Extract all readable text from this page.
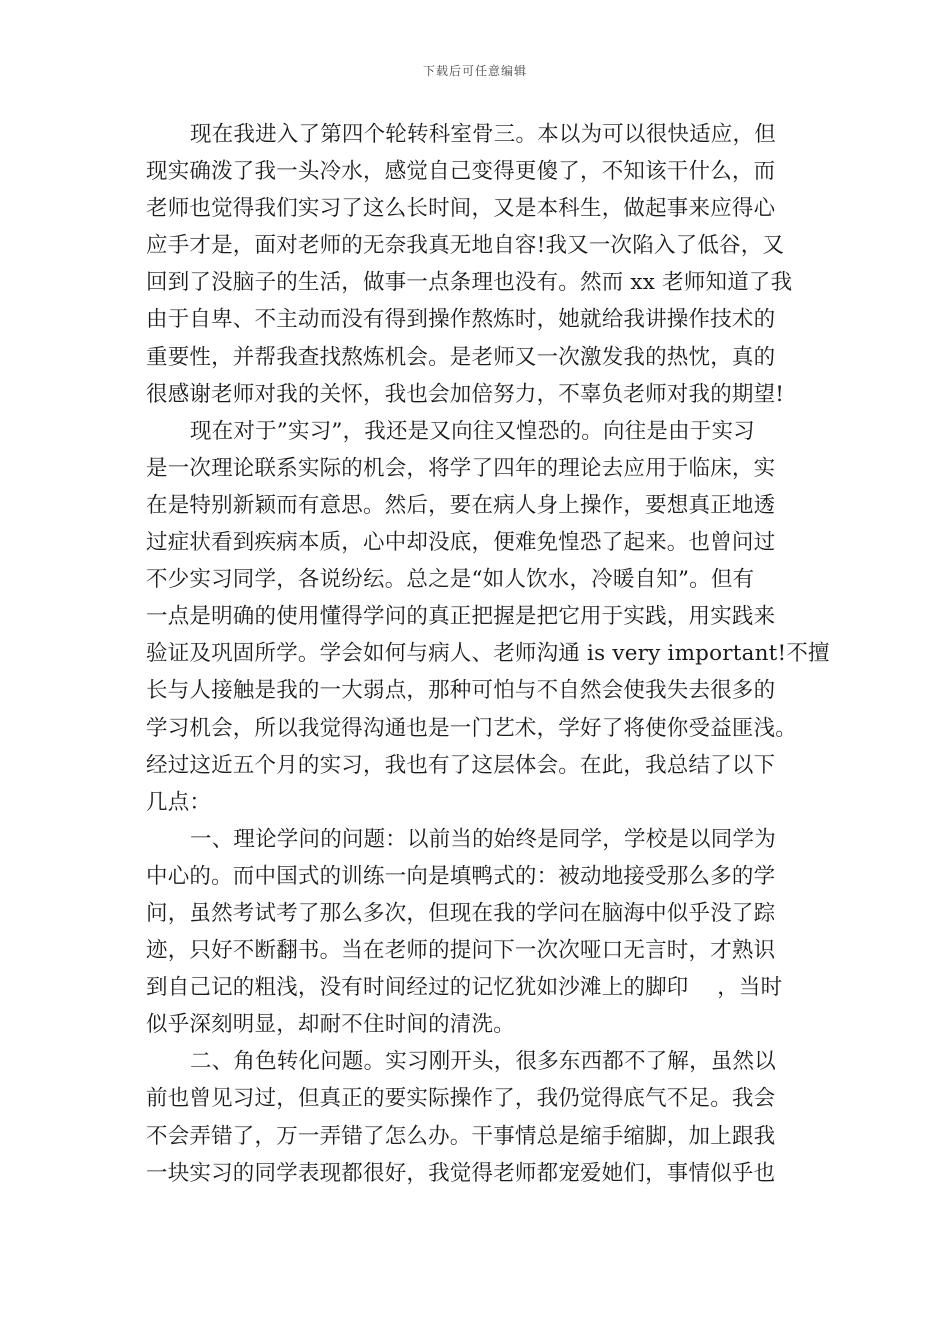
下载后可任意编辑
现在我进入了第四个轮转科室骨三。本以为可以很快适应，但
现实确泼了我一头冷水，感觉自己变得更傻了，不知该干什么，而
老师也觉得我们实习了这么长时间，又是本科生，做起事来应得心
应手才是，面对老师的无奈我真无地自容!我又一次陷入了低谷，又
回到了没脑子的生活，做事一点条理也没有。然而 xx 老师知道了我
由于自卑、不主动而没有得到操作熬炼时，她就给我讲操作技术的
重要性，并帮我查找熬炼机会。是老师又一次激发我的热忱，真的
很感谢老师对我的关怀，我也会加倍努力，不辜负老师对我的期望!
现在对于”实习”，我还是又向往又惶恐的。向往是由于实习
是一次理论联系实际的机会，将学了四年的理论去应用于临床，实
在是特别新颖而有意思。然后，要在病人身上操作，要想真正地透
过症状看到疾病本质，心中却没底，便难免惶恐了起来。也曾问过
不少实习同学，各说纷纭。总之是“如人饮水，冷暖自知”。但有
一点是明确的使用懂得学问的真正把握是把它用于实践，用实践来
验证及巩固所学。学会如何与病人、老师沟通 is very important!不擅
长与人接触是我的一大弱点，那种可怕与不自然会使我失去很多的
学习机会，所以我觉得沟通也是一门艺术，学好了将使你受益匪浅。
经过这近五个月的实习，我也有了这层体会。在此，我总结了以下
几点：
一、理论学问的问题：以前当的始终是同学，学校是以同学为
中心的。而中国式的训练一向是填鸭式的：被动地接受那么多的学
问，虽然考试考了那么多次，但现在我的学问在脑海中似乎没了踪
迹，只好不断翻书。当在老师的提问下一次次哑口无言时，才熟识
到自己记的粗浅，没有时间经过的记忆犹如沙滩上的脚印　 ，当时
似乎深刻明显，却耐不住时间的清洗。
二、角色转化问题。实习刚开头，很多东西都不了解，虽然以
前也曾见习过，但真正的要实际操作了，我仍觉得底气不足。我会
不会弄错了，万一弄错了怎么办。干事情总是缩手缩脚，加上跟我
一块实习的同学表现都很好，我觉得老师都宠爱她们，事情似乎也
